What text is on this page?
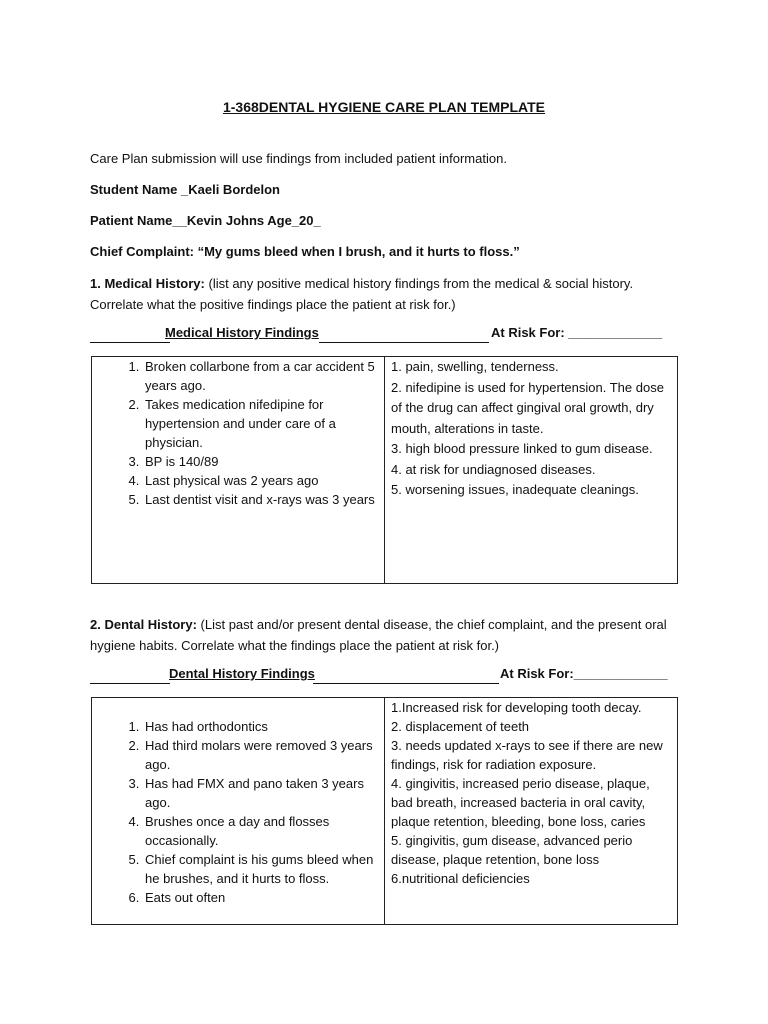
1-368DENTAL HYGIENE CARE PLAN TEMPLATE
Care Plan submission will use findings from included patient information.
Student Name _Kaeli Bordelon
Patient Name__Kevin Johns Age_20_
Chief Complaint: “My gums bleed when I brush, and it hurts to floss.”
1. Medical History: (list any positive medical history findings from the medical & social history. Correlate what the positive findings place the patient at risk for.)
Medical History Findings	At Risk For: _____________
1. Broken collarbone from a car accident 5 years ago.
2. Takes medication nifedipine for hypertension and under care of a physician.
3. BP is 140/89
4. Last physical was 2 years ago
5. Last dentist visit and x-rays was 3 years

1. pain, swelling, tenderness.
2. nifedipine is used for hypertension. The dose of the drug can affect gingival oral growth, dry mouth, alterations in taste.
3. high blood pressure linked to gum disease.
4. at risk for undiagnosed diseases.
5. worsening issues, inadequate cleanings.
2. Dental History: (List past and/or present dental disease, the chief complaint, and the present oral hygiene habits. Correlate what the findings place the patient at risk for.)
Dental History Findings	At Risk For:_____________
1. Has had orthodontics
2. Had third molars were removed 3 years ago.
3. Has had FMX and pano taken 3 years ago.
4. Brushes once a day and flosses occasionally.
5. Chief complaint is his gums bleed when he brushes, and it hurts to floss.
6. Eats out often

1.Increased risk for developing tooth decay.
2. displacement of teeth
3. needs updated x-rays to see if there are new findings, risk for radiation exposure.
4. gingivitis, increased perio disease, plaque, bad breath, increased bacteria in oral cavity, plaque retention, bleeding, bone loss, caries
5. gingivitis, gum disease, advanced perio disease, plaque retention, bone loss
6.nutritional deficiencies
